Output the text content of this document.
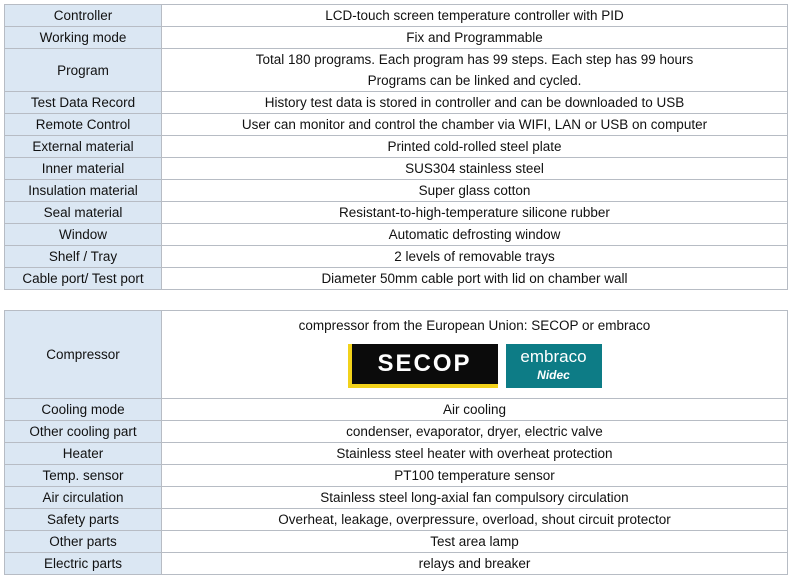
Controller	LCD-touch screen temperature controller with PID
Working mode	Fix and Programmable
Program	Total 180 programs. Each program has 99 steps. Each step has 99 hours
Programs can be linked and cycled.

Test Data Record	History test data is stored in controller and can be downloaded to USB
Remote Control	User can monitor and control the chamber via WIFI, LAN or USB on computer
External material	Printed cold-rolled steel plate
Inner material	SUS304 stainless steel
Insulation material	Super glass cotton
Seal material	Resistant-to-high-temperature silicone rubber
Window	Automatic defrosting window
Shelf / Tray	2 levels of removable trays
Cable port/ Test port	Diameter 50mm cable port with lid on chamber wall
Compressor	compressor from the European Union: SECOP or embraco
SECOP embraco
Nidec

Cooling mode	Air cooling
Other cooling part	condenser, evaporator, dryer, electric valve
Heater	Stainless steel heater with overheat protection
Temp. sensor	PT100 temperature sensor
Air circulation	Stainless steel long-axial fan compulsory circulation
Safety parts	Overheat, leakage, overpressure, overload, shout circuit protector
Other parts	Test area lamp
Electric parts	relays and breaker
